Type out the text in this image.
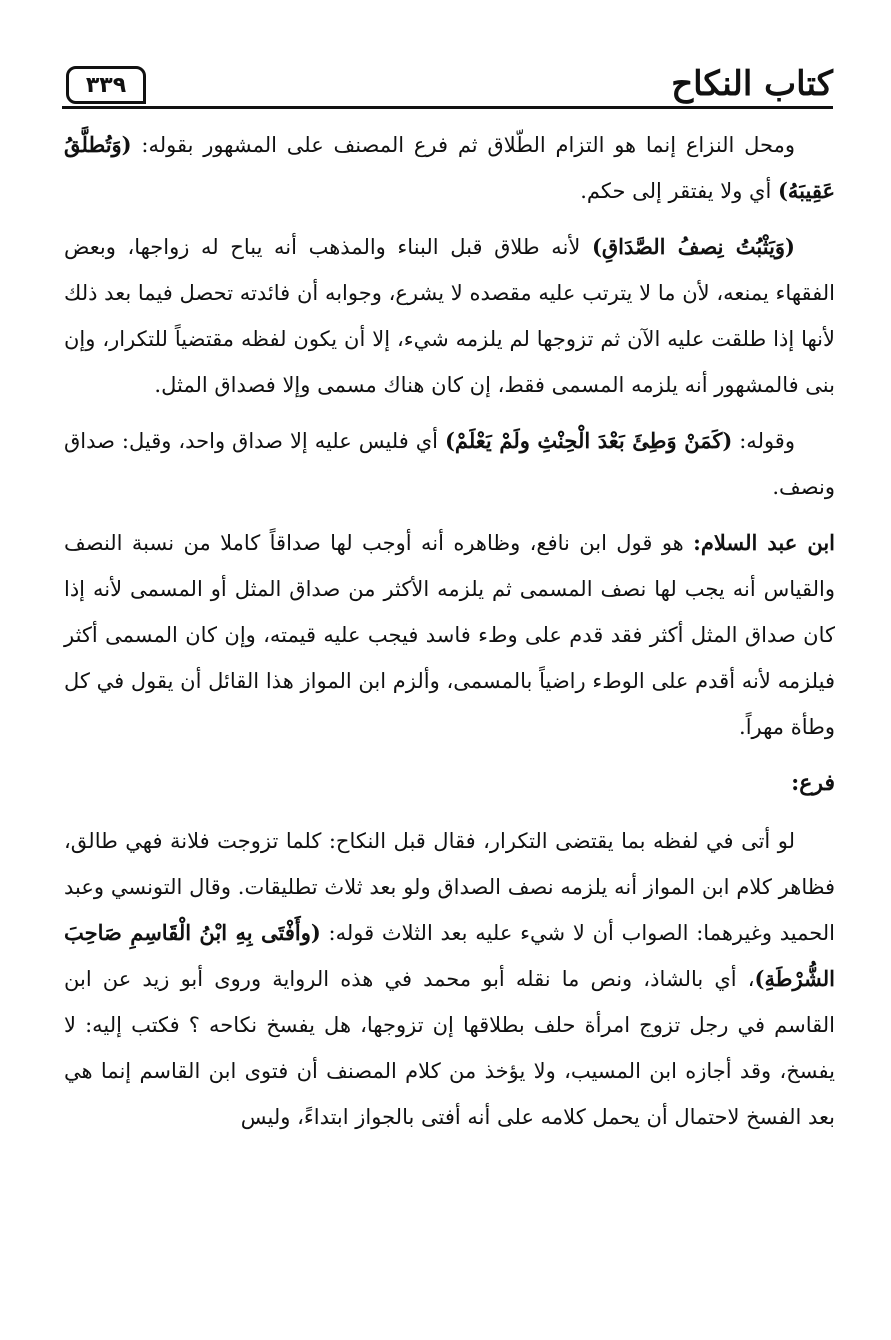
كتاب النكاح
٣٣٩

ومحل النزاع إنما هو التزام الطّلاق ثم فرع المصنف على المشهور بقوله: (وَتُطلَّقُ عَقِيبَهُ) أي ولا يفتقر إلى حكم.

(وَيَثْبُتُ نِصفُ الصَّدَاقِ) لأنه طلاق قبل البناء والمذهب أنه يباح له زواجها، وبعض الفقهاء يمنعه، لأن ما لا يترتب عليه مقصده لا يشرع، وجوابه أن فائدته تحصل فيما بعد ذلك لأنها إذا طلقت عليه الآن ثم تزوجها لم يلزمه شيء، إلا أن يكون لفظه مقتضياً للتكرار، وإن بنى فالمشهور أنه يلزمه المسمى فقط، إن كان هناك مسمى وإلا فصداق المثل.

وقوله: (كَمَنْ وَطِئَ بَعْدَ الْحِنْثِ ولَمْ يَعْلَمْ) أي فليس عليه إلا صداق واحد، وقيل: صداق ونصف.

ابن عبد السلام: هو قول ابن نافع، وظاهره أنه أوجب لها صداقاً كاملا من نسبة النصف والقياس أنه يجب لها نصف المسمى ثم يلزمه الأكثر من صداق المثل أو المسمى لأنه إذا كان صداق المثل أكثر فقد قدم على وطء فاسد فيجب عليه قيمته، وإن كان المسمى أكثر فيلزمه لأنه أقدم على الوطء راضياً بالمسمى، وألزم ابن المواز هذا القائل أن يقول في كل وطأة مهراً.

فرع:

لو أتى في لفظه بما يقتضى التكرار، فقال قبل النكاح: كلما تزوجت فلانة فهي طالق، فظاهر كلام ابن المواز أنه يلزمه نصف الصداق ولو بعد ثلاث تطليقات. وقال التونسي وعبد الحميد وغيرهما: الصواب أن لا شيء عليه بعد الثلاث قوله: (وأَفْتَى بِهِ ابْنُ الْقَاسِمِ صَاحِبَ الشُّرْطَةِ)، أي بالشاذ، ونص ما نقله أبو محمد في هذه الرواية وروى أبو زيد عن ابن القاسم في رجل تزوج امرأة حلف بطلاقها إن تزوجها، هل يفسخ نكاحه ؟ فكتب إليه: لا يفسخ، وقد أجازه ابن المسيب، ولا يؤخذ من كلام المصنف أن فتوى ابن القاسم إنما هي بعد الفسخ لاحتمال أن يحمل كلامه على أنه أفتى بالجواز ابتداءً، وليس
